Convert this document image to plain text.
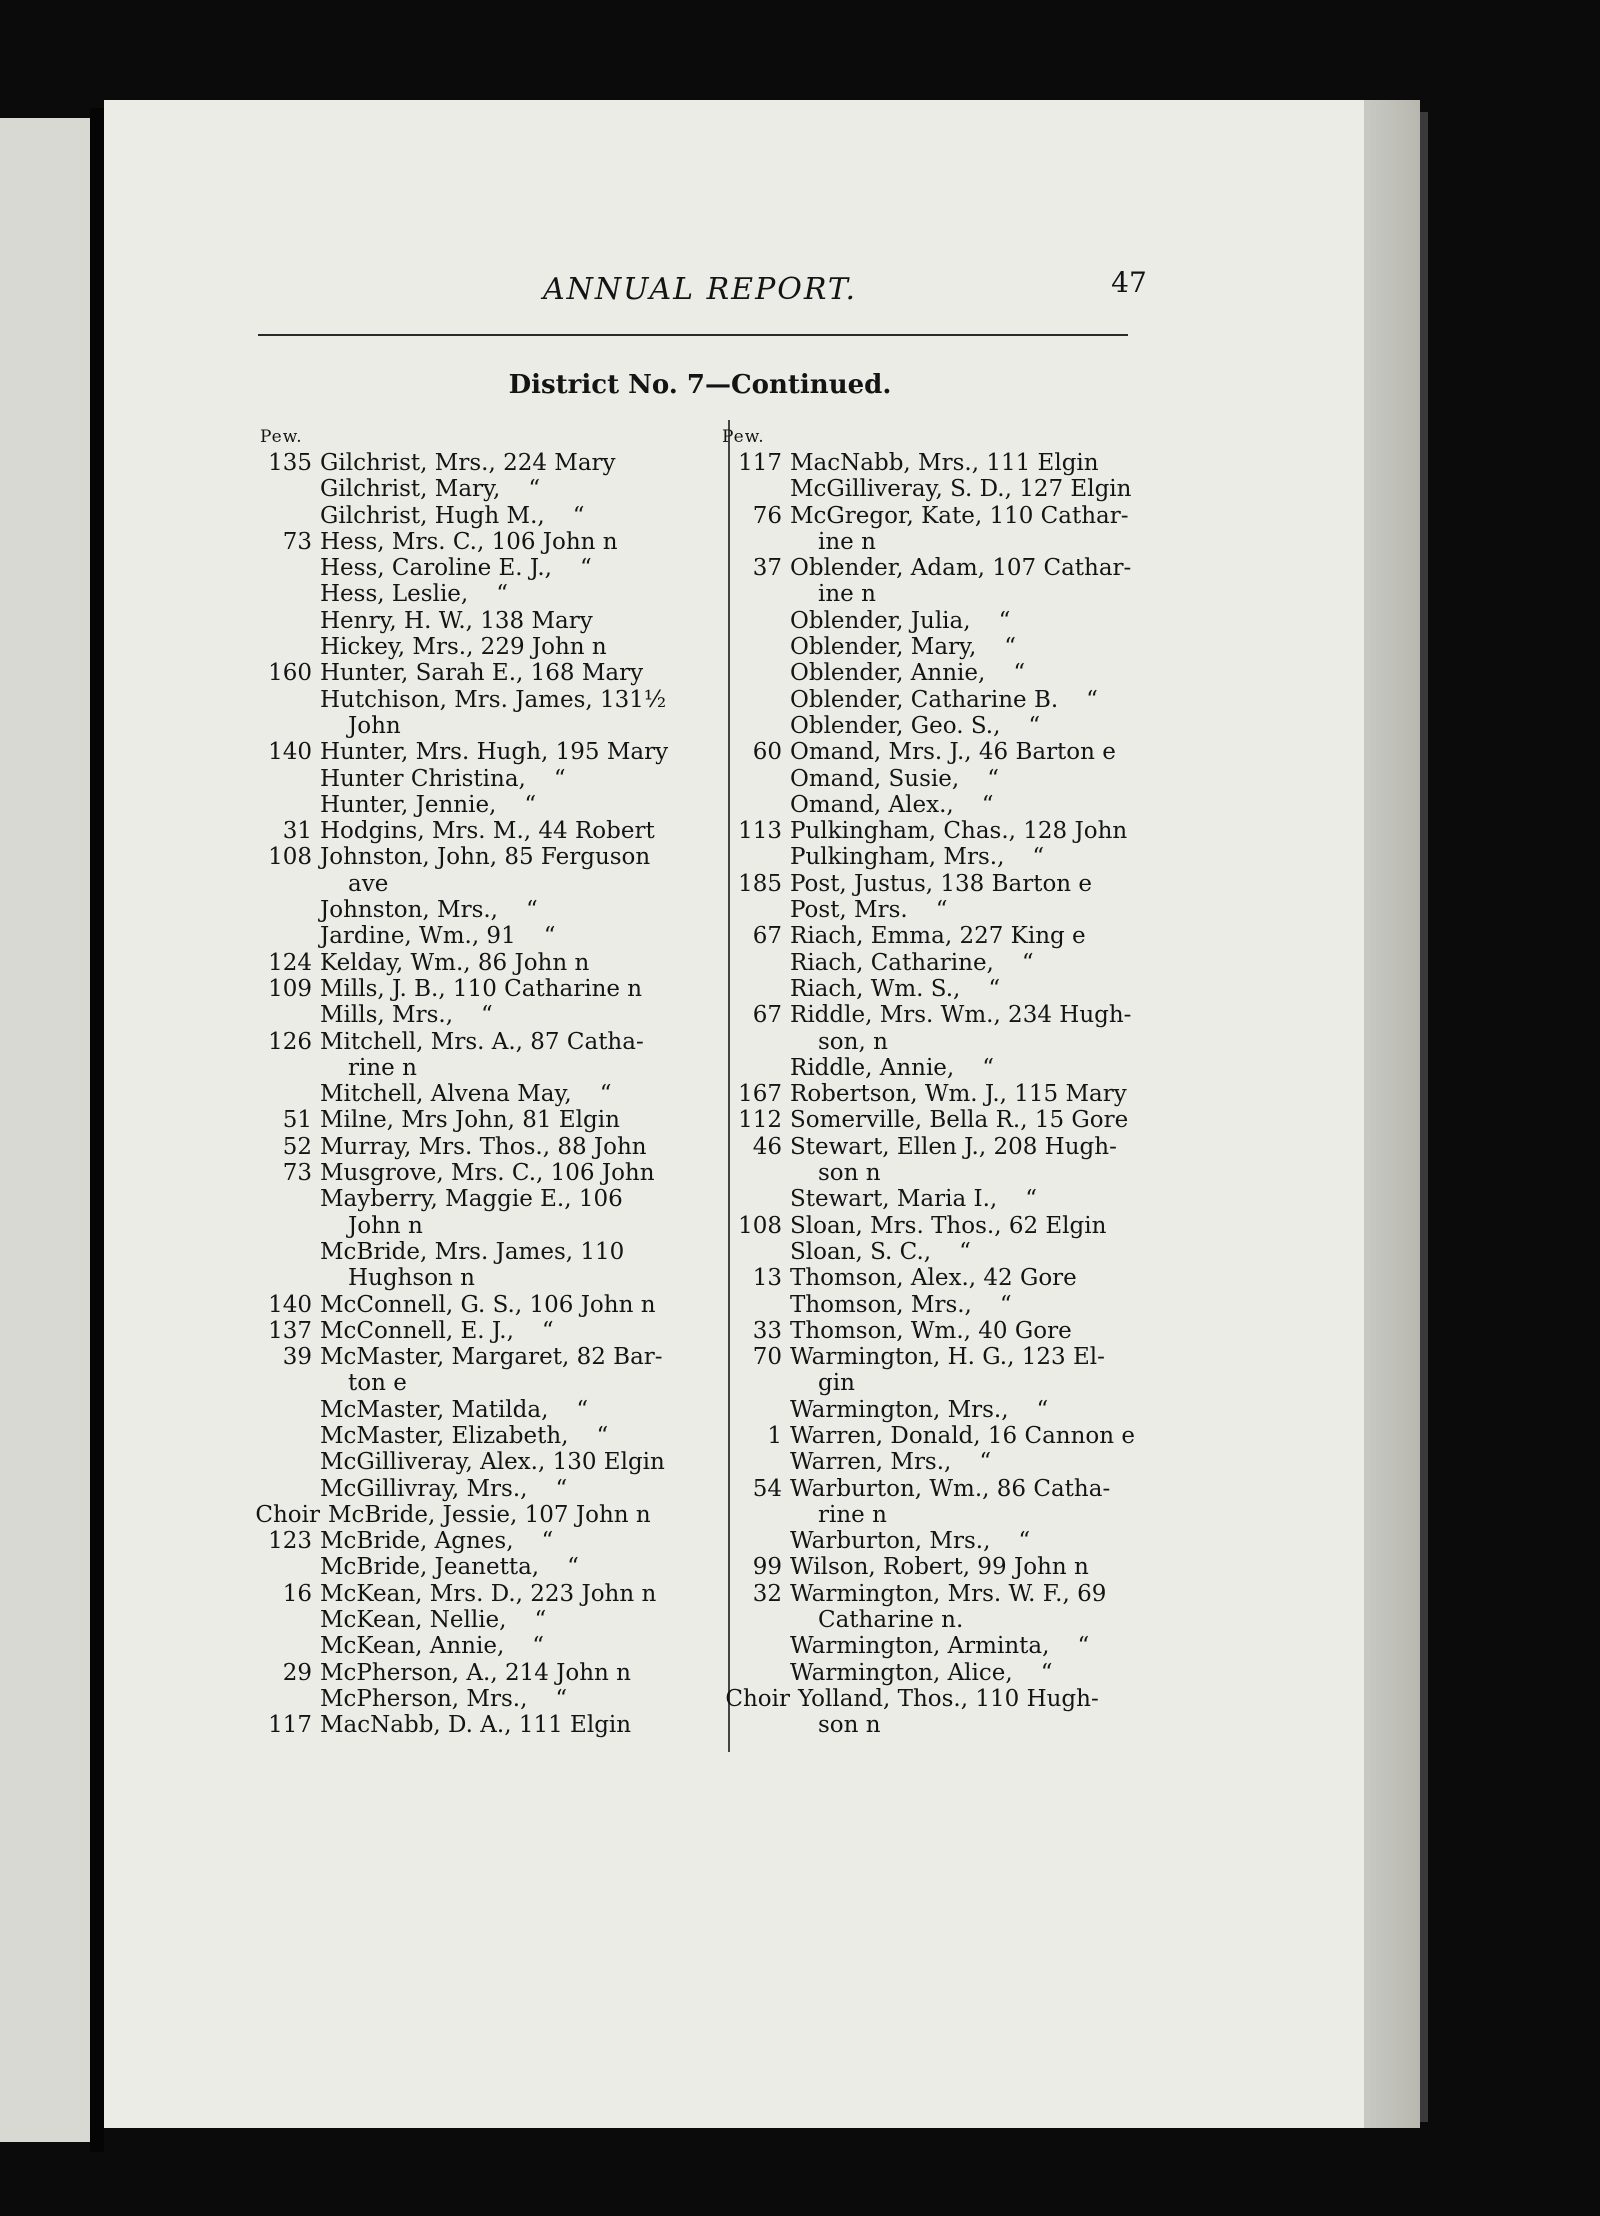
ANNUAL REPORT.	47
District No. 7—Continued.
Pew.
135 Gilchrist, Mrs., 224 Mary
Gilchrist, Mary,	“
Gilchrist, Hugh M.,	“
73 Hess, Mrs. C., 106 John n
Hess, Caroline E. J.,	“
Hess, Leslie,	“
Henry, H. W., 138 Mary
Hickey, Mrs., 229 John n
160 Hunter, Sarah E., 168 Mary
Hutchison, Mrs. James, 131½
John
140 Hunter, Mrs. Hugh, 195 Mary
Hunter Christina,	“
Hunter, Jennie,	“
31 Hodgins, Mrs. M., 44 Robert
108 Johnston, John, 85 Ferguson
ave
Johnston, Mrs.,	“
Jardine, Wm., 91	“
124 Kelday, Wm., 86 John n
109 Mills, J. B., 110 Catharine n
Mills, Mrs.,	“
126 Mitchell, Mrs. A., 87 Catha-
rine n
Mitchell, Alvena May,	“
51 Milne, Mrs John, 81 Elgin
52 Murray, Mrs. Thos., 88 John
73 Musgrove, Mrs. C., 106 John
Mayberry, Maggie E., 106
John n
McBride, Mrs. James, 110
Hughson n
140 McConnell, G. S., 106 John n
137 McConnell, E. J.,	“
39 McMaster, Margaret, 82 Bar-
ton e
McMaster, Matilda,	“
McMaster, Elizabeth,	“
McGilliveray, Alex., 130 Elgin
McGillivray, Mrs.,	“
Choir McBride, Jessie, 107 John n
123 McBride, Agnes,	“
McBride, Jeanetta,	“
16 McKean, Mrs. D., 223 John n
McKean, Nellie,	“
McKean, Annie,	“
29 McPherson, A., 214 John n
McPherson, Mrs.,	“
117 MacNabb, D. A., 111 Elgin
Pew.
117 MacNabb, Mrs., 111 Elgin
McGilliveray, S. D., 127 Elgin
76 McGregor, Kate, 110 Cathar-
ine n
37 Oblender, Adam, 107 Cathar-
ine n
Oblender, Julia,	“
Oblender, Mary,	“
Oblender, Annie,	“
Oblender, Catharine B.	“
Oblender, Geo. S.,	“
60 Omand, Mrs. J., 46 Barton e
Omand, Susie,	“
Omand, Alex.,	“
113 Pulkingham, Chas., 128 John
Pulkingham, Mrs.,	“
185 Post, Justus, 138 Barton e
Post, Mrs.	“
67 Riach, Emma, 227 King e
Riach, Catharine,	“
Riach, Wm. S.,	“
67 Riddle, Mrs. Wm., 234 Hugh-
son, n
Riddle, Annie,	“
167 Robertson, Wm. J., 115 Mary
112 Somerville, Bella R., 15 Gore
46 Stewart, Ellen J., 208 Hugh-
son n
Stewart, Maria I.,	“
108 Sloan, Mrs. Thos., 62 Elgin
Sloan, S. C.,	“
13 Thomson, Alex., 42 Gore
Thomson, Mrs.,	“
33 Thomson, Wm., 40 Gore
70 Warmington, H. G., 123 El-
gin
Warmington, Mrs.,	“
1 Warren, Donald, 16 Cannon e
Warren, Mrs.,	“
54 Warburton, Wm., 86 Catha-
rine n
Warburton, Mrs.,	“
99 Wilson, Robert, 99 John n
32 Warmington, Mrs. W. F., 69
Catharine n.
Warmington, Arminta,	“
Warmington, Alice,	“
Choir Yolland, Thos., 110 Hugh-
son n
